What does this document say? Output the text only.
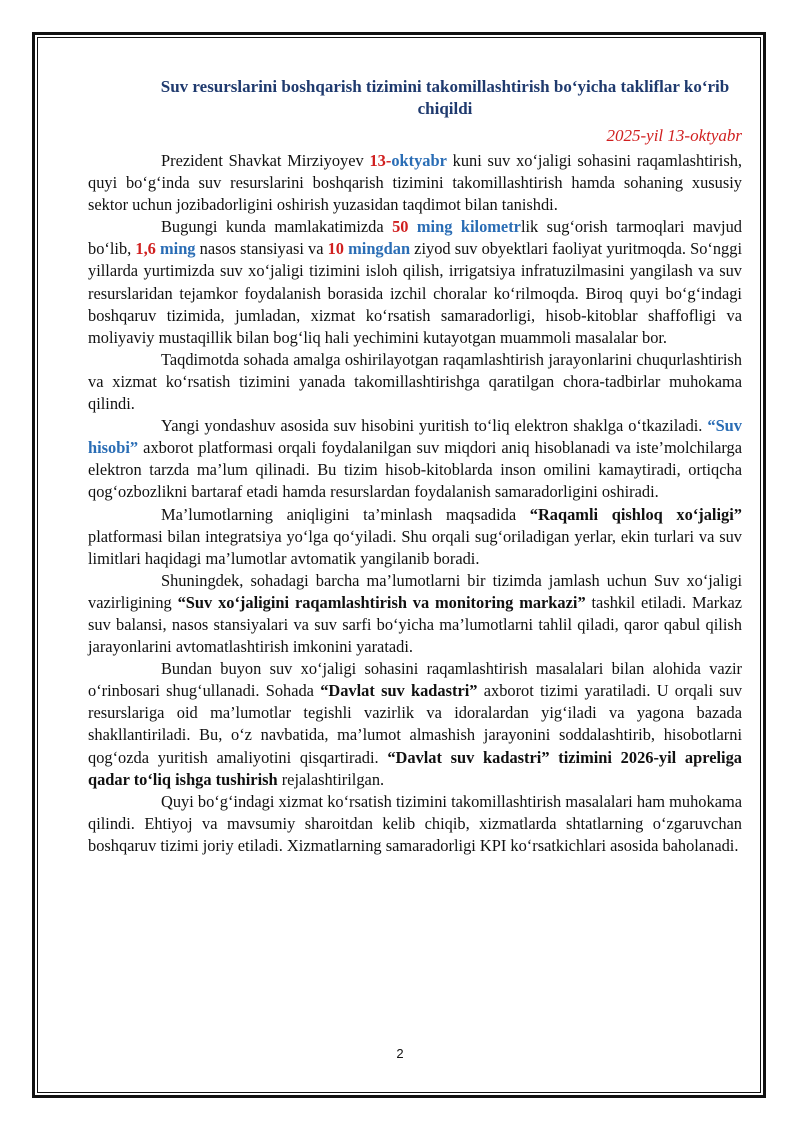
Suv resurslarini boshqarish tizimini takomillashtirish bo‘yicha takliflar ko‘rib chiqildi
2025-yil 13-oktyabr

Prezident Shavkat Mirziyoyev 13-oktyabr kuni suv xo‘jaligi sohasini raqamlashtirish, quyi bo‘g‘inda suv resurslarini boshqarish tizimini takomillashtirish hamda sohaning xususiy sektor uchun jozibadorligini oshirish yuzasidan taqdimot bilan tanishdi.

Bugungi kunda mamlakatimizda 50 ming kilometrlik sug‘orish tarmoqlari mavjud bo‘lib, 1,6 ming nasos stansiyasi va 10 mingdan ziyod suv obyektlari faoliyat yuritmoqda. So‘nggi yillarda yurtimizda suv xo‘jaligi tizimini isloh qilish, irrigatsiya infratuzilmasini yangilash va suv resurslaridan tejamkor foydalanish borasida izchil choralar ko‘rilmoqda. Biroq quyi bo‘g‘indagi boshqaruv tizimida, jumladan, xizmat ko‘rsatish samaradorligi, hisob-kitoblar shaffofligi va moliyaviy mustaqillik bilan bog‘liq hali yechimini kutayotgan muammoli masalalar bor.

Taqdimotda sohada amalga oshirilayotgan raqamlashtirish jarayonlarini chuqurlashtirish va xizmat ko‘rsatish tizimini yanada takomillashtirishga qaratilgan chora-tadbirlar muhokama qilindi.

Yangi yondashuv asosida suv hisobini yuritish to‘liq elektron shaklga o‘tkaziladi. “Suv hisobi” axborot platformasi orqali foydalanilgan suv miqdori aniq hisoblanadi va iste’molchilarga elektron tarzda ma’lum qilinadi. Bu tizim hisob-kitoblarda inson omilini kamaytiradi, ortiqcha qog‘ozbozlikni bartaraf etadi hamda resurslardan foydalanish samaradorligini oshiradi.

Ma’lumotlarning aniqligini ta’minlash maqsadida “Raqamli qishloq xo‘jaligi” platformasi bilan integratsiya yo‘lga qo‘yiladi. Shu orqali sug‘oriladigan yerlar, ekin turlari va suv limitlari haqidagi ma’lumotlar avtomatik yangilanib boradi.

Shuningdek, sohadagi barcha ma’lumotlarni bir tizimda jamlash uchun Suv xo‘jaligi vazirligining “Suv xo‘jaligini raqamlashtirish va monitoring markazi” tashkil etiladi. Markaz suv balansi, nasos stansiyalari va suv sarfi bo‘yicha ma’lumotlarni tahlil qiladi, qaror qabul qilish jarayonlarini avtomatlashtirish imkonini yaratadi.

Bundan buyon suv xo‘jaligi sohasini raqamlashtirish masalalari bilan alohida vazir o‘rinbosari shug‘ullanadi. Sohada “Davlat suv kadastri” axborot tizimi yaratiladi. U orqali suv resurslariga oid ma’lumotlar tegishli vazirlik va idoralardan yig‘iladi va yagona bazada shakllantiriladi. Bu, o‘z navbatida, ma’lumot almashish jarayonini soddalashtirib, hisobotlarni qog‘ozda yuritish amaliyotini qisqartiradi. “Davlat suv kadastri” tizimini 2026-yil apreliga qadar to‘liq ishga tushirish rejalashtirilgan.

Quyi bo‘g‘indagi xizmat ko‘rsatish tizimini takomillashtirish masalalari ham muhokama qilindi. Ehtiyoj va mavsumiy sharoitdan kelib chiqib, xizmatlarda shtatlarning o‘zgaruvchan boshqaruv tizimi joriy etiladi. Xizmatlarning samaradorligi KPI ko‘rsatkichlari asosida baholanadi.

2
